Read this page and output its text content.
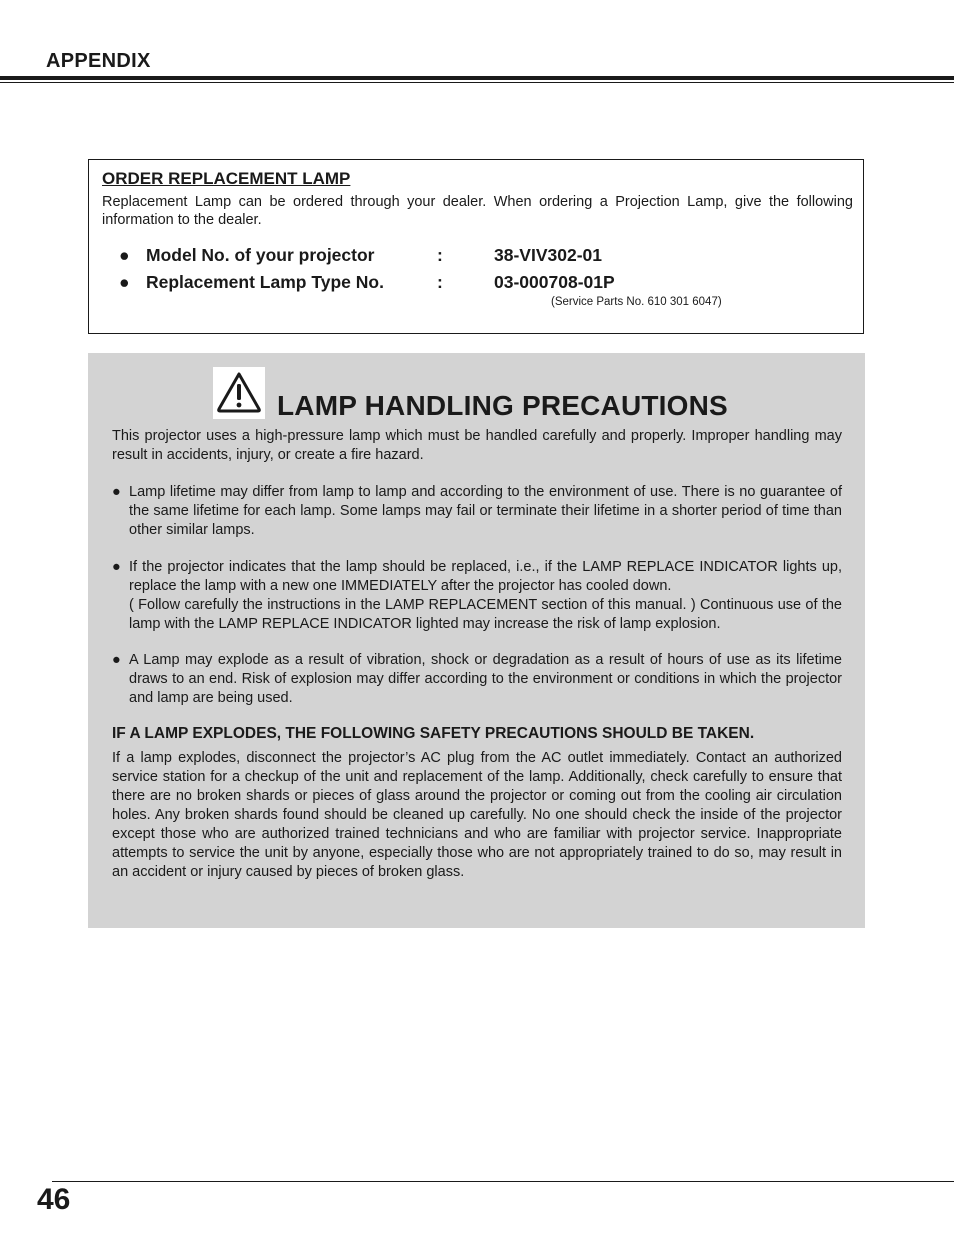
APPENDIX
ORDER REPLACEMENT LAMP
Replacement Lamp can be ordered through your dealer. When ordering a Projection Lamp, give the following information to the dealer.
● Model No. of your projector	:	38-VIV302-01
● Replacement Lamp Type No.	:	03-000708-01P
(Service Parts No. 610 301 6047)
LAMP HANDLING PRECAUTIONS
This projector uses a high-pressure lamp which must be handled carefully and properly. Improper handling may result in accidents, injury, or create a fire hazard.
● Lamp lifetime may differ from lamp to lamp and according to the environment of use. There is no guarantee of the same lifetime for each lamp. Some lamps may fail or terminate their lifetime in a shorter period of time than other similar lamps.
● If the projector indicates that the lamp should be replaced, i.e., if the LAMP REPLACE INDICATOR lights up, replace the lamp with a new one IMMEDIATELY after the projector has cooled down.

( Follow carefully the instructions in the LAMP REPLACEMENT section of this manual. ) Continuous use of the lamp with the LAMP REPLACE INDICATOR lighted may increase the risk of lamp explosion.

● A Lamp may explode as a result of vibration, shock or degradation as a result of hours of use as its lifetime draws to an end. Risk of explosion may differ according to the environment or conditions in which the projector and lamp are being used.
IF A LAMP EXPLODES, THE FOLLOWING SAFETY PRECAUTIONS SHOULD BE TAKEN.
If a lamp explodes, disconnect the projector’s AC plug from the AC outlet immediately. Contact an authorized service station for a checkup of the unit and replacement of the lamp. Additionally, check carefully to ensure that there are no broken shards or pieces of glass around the projector or coming out from the cooling air circulation holes. Any broken shards found should be cleaned up carefully. No one should check the inside of the projector except those who are authorized trained technicians and who are familiar with projector service. Inappropriate attempts to service the unit by anyone, especially those who are not appropriately trained to do so, may result in an accident or injury caused by pieces of broken glass.
46
